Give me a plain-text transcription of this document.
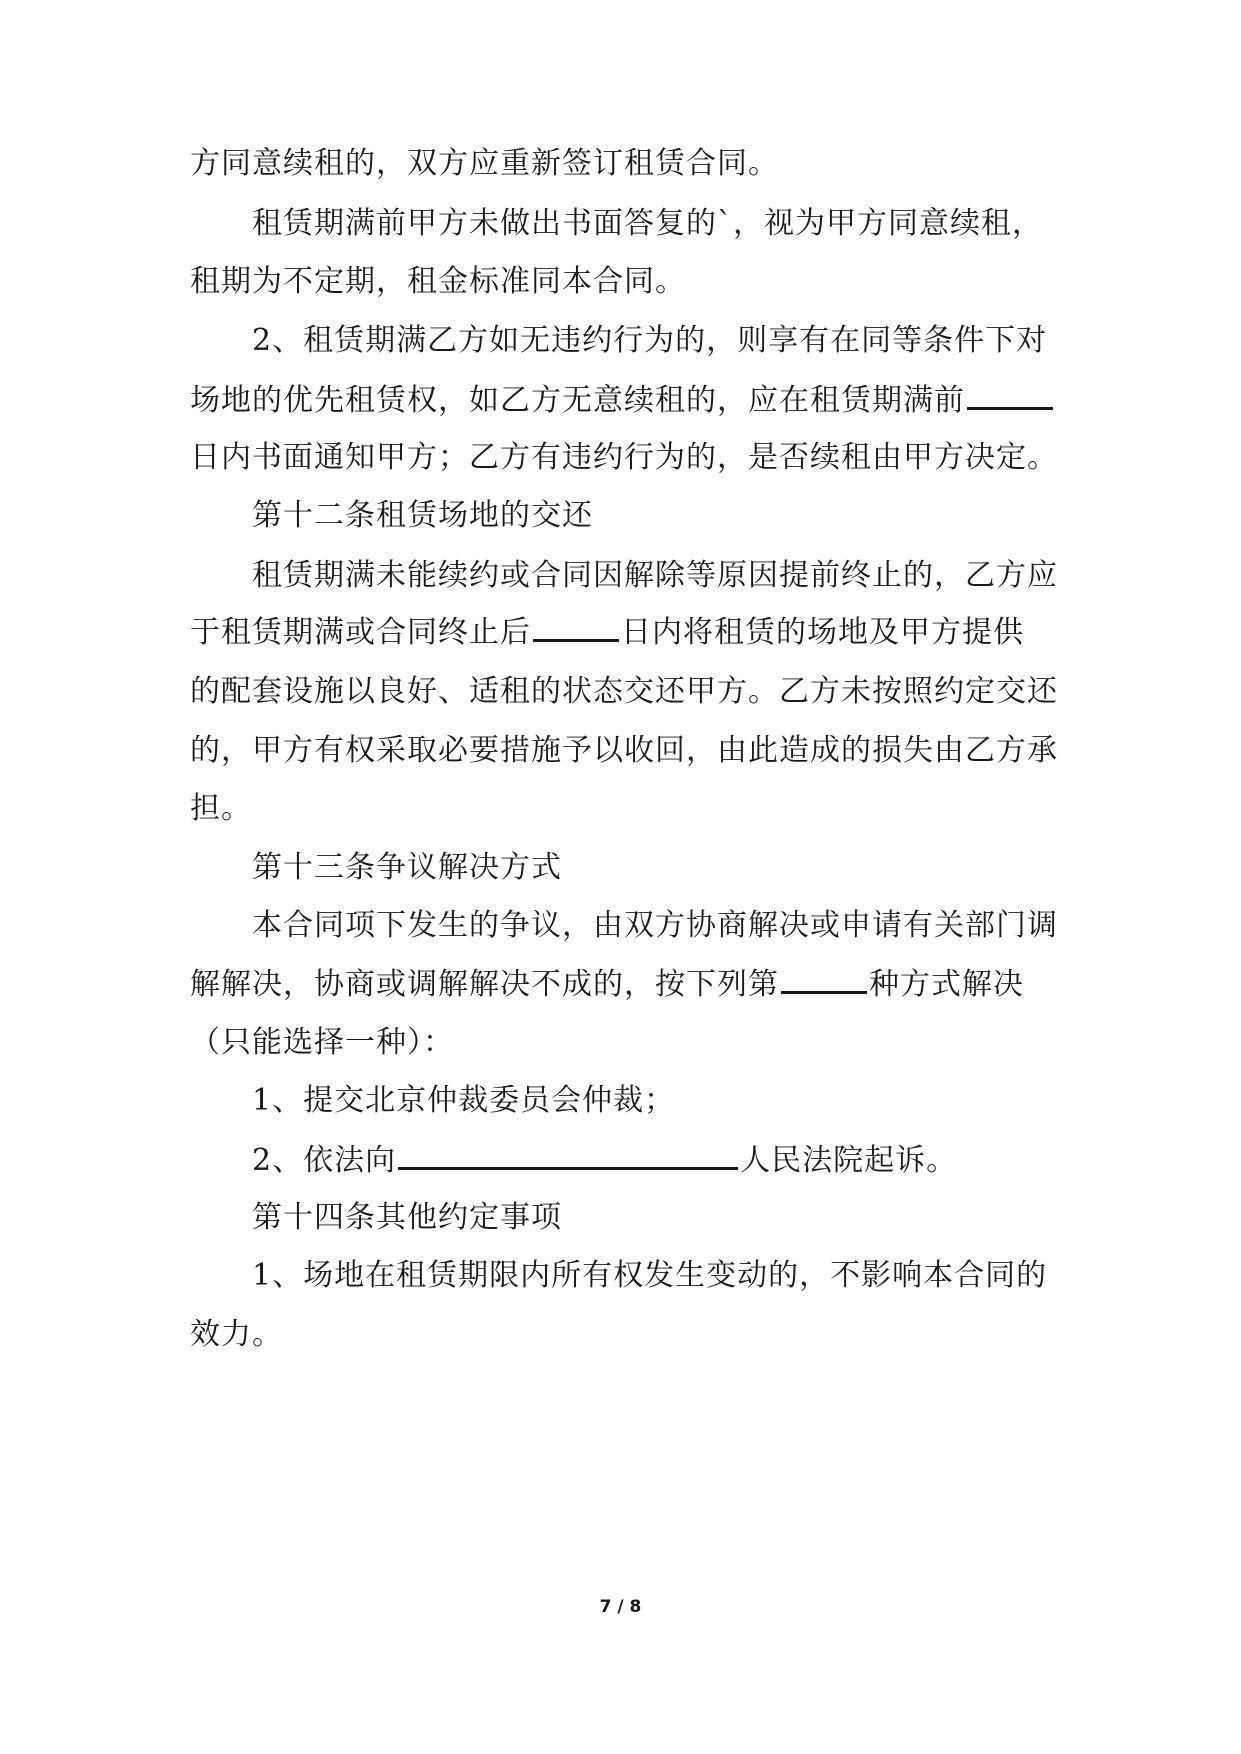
方同意续租的，双方应重新签订租赁合同。
租赁期满前甲方未做出书面答复的`，视为甲方同意续租，
租期为不定期，租金标准同本合同。
2、租赁期满乙方如无违约行为的，则享有在同等条件下对
场地的优先租赁权，如乙方无意续租的，应在租赁期满前
日内书面通知甲方；乙方有违约行为的，是否续租由甲方决定。
第十二条租赁场地的交还
租赁期满未能续约或合同因解除等原因提前终止的，乙方应
于租赁期满或合同终止后	日内将租赁的场地及甲方提供
的配套设施以良好、适租的状态交还甲方。乙方未按照约定交还
的，甲方有权采取必要措施予以收回，由此造成的损失由乙方承
担。
第十三条争议解决方式
本合同项下发生的争议，由双方协商解决或申请有关部门调
解解决，协商或调解解决不成的，按下列第	种方式解决
（只能选择一种）：
1、提交北京仲裁委员会仲裁；
2、依法向	人民法院起诉。
第十四条其他约定事项
1、场地在租赁期限内所有权发生变动的，不影响本合同的
效力。
7 / 8
